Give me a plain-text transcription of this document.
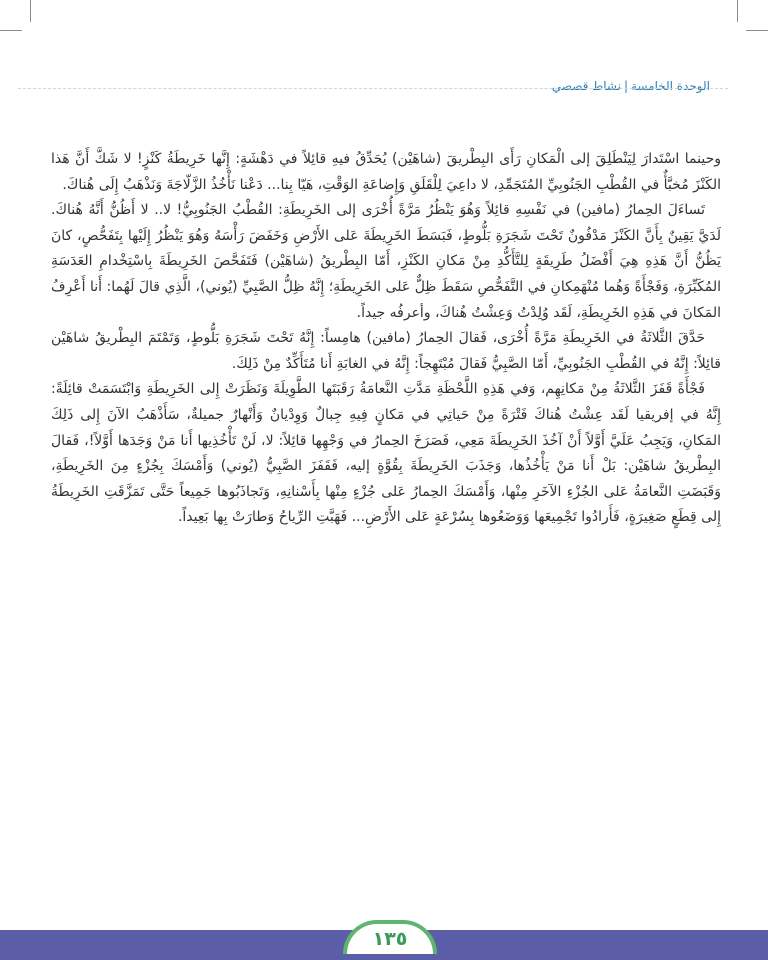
الوحدة الخامسة|نشاط قصصي

وحينما اسْتَدارَ لِيَنْطَلِقَ إلى الْمَكانِ رَأَى البِطْريقَ (شاهَيْن) يُحَدِّقُ فيهِ قائِلاً في دَهْشَةٍ: إِنَّها خَرِيطَةُ كَنْزٍ! لا شَكَّ أَنَّ هَذا الكَنْزَ مُخبَّأٌ في القُطْبِ الجَنُوبِيِّ المُتَجَمِّدِ، لا داعِيَ لِلْقَلَقِ وَإِضاعَةِ الوَقْتِ، هَيّا بِنا... دَعْنا نَأْخُذُ الزَّلّاجَةَ وَنَذْهَبُ إِلَى هُناكَ.

تَساءَلَ الحِمارُ (مافين) في نَفْسِهِ قائِلاً وَهُوَ يَنْظُرُ مَرَّةً أُخْرَى إلى الخَرِيطَةِ: القُطْبُ الجَنُوبِيُّ! لا.. لا أَظُنُّ أَنَّهُ هُناكَ. لَدَيَّ يَقِينٌ بِأَنَّ الكَنْزَ مَدْفُونٌ تَحْتَ شَجَرَةِ بَلُّوطٍ، فَبَسَطَ الخَرِيطَةَ عَلى الأَرْضِ وَخَفَضَ رَأْسَهُ وَهُوَ يَنْظُرُ إِلَيْها بِتَفَحُّصٍ، كانَ يَظُنُّ أَنَّ هَذِهِ هِيَ أَفْضَلُ طَرِيقَةٍ لِلتَّأَكُّدِ مِنْ مَكانِ الكَنْزِ، أَمّا البِطْريقُ (شاهَيْن) فَتَفَحَّصَ الخَرِيطَةَ بِاسْتِخْدامِ العَدَسَةِ المُكَبِّرَةِ، وَفَجْأَةً وَهُما مُنْهَمِكانِ في التَّفَحُّصِ سَقَطَ ظِلٌّ عَلى الخَرِيطَةِ؛ إِنَّهُ ظِلُّ الصَّبِيِّ (يُوني)، الَّذِي قالَ لَهُما: أَنا أَعْرِفُ المَكانَ في هَذِهِ الخَرِيطَةِ، لَقَد وُلِدْتُ وَعِشْتُ هُناكَ، وأعرفُه جيداً.

حَدَّقَ الثَّلاثَةُ في الخَرِيطَةِ مَرَّةً أُخْرَى، فَقالَ الحِمارُ (مافين) هامِساً: إِنَّهُ تَحْتَ شَجَرَةِ بَلُّوطٍ، وَتَمْتَمَ البِطْريقُ شاهَيْن قائِلاً: إِنَّهُ في القُطْبِ الجَنُوبِيِّ، أَمّا الصَّبِيُّ فَقالَ مُبْتَهِجاً: إِنَّهُ في الغابَةِ أَنا مُتَأَكِّدٌ مِنْ ذَلِكَ.

فَجْأَةً قَفَزَ الثَّلاثَةُ مِنْ مَكانِهِم، وَفي هَذِهِ اللَّحْظَةِ مَدَّتِ النَّعامَةُ رَقَبَتَها الطَّوِيلَةَ وَنَظَرَتْ إِلى الخَرِيطَةِ وَابْتَسَمَتْ قائِلَةً: إِنَّهُ في إفريقيا لَقَد عِشْتُ هُناكَ فَتْرَةً مِنْ حَياتِي في مَكانٍ فِيهِ جِبالٌ وَوِدْيانٌ وَأَنْهارٌ جميلةٌ، سَأَذْهَبُ الآنَ إِلى ذَلِكَ المَكانِ، وَيَجِبُ عَلَيَّ أَوَّلاً أَنْ آخُذَ الخَرِيطَةَ مَعِي، فَصَرَخَ الحِمارُ في وَجْهِها قائِلاً: لا، لَنْ تَأْخُذِيها أَنا مَنْ وَجَدَها أَوَّلاً!، فَقالَ البِطْريقُ شاهَيْن: بَلْ أَنا مَنْ يَأْخُذُها، وَجَذَبَ الخَرِيطَةَ بِقُوَّةٍ إليه، فَقَفَزَ الصَّبِيُّ (يُوني) وَأَمْسَكَ بِجُزْءٍ مِنَ الخَرِيطَةِ، وَقَبَضَتِ النَّعامَةُ عَلى الجُزْءِ الآخَرِ مِنْها، وَأَمْسَكَ الحِمارُ عَلى جُزْءٍ مِنْها بِأَسْنانِهِ، وَتَجاذَبُوها جَمِيعاً حَتَّى تَمَزَّقَتِ الخَرِيطَةُ إِلى قِطَعٍ صَغِيرَةٍ، فَأَرادُوا تَجْمِيعَها وَوَضَعُوها بِسُرْعَةٍ عَلى الأَرْضِ... فَهَبَّتِ الرِّياحُ وَطارَتْ بِها بَعِيداً.

١٣٥
